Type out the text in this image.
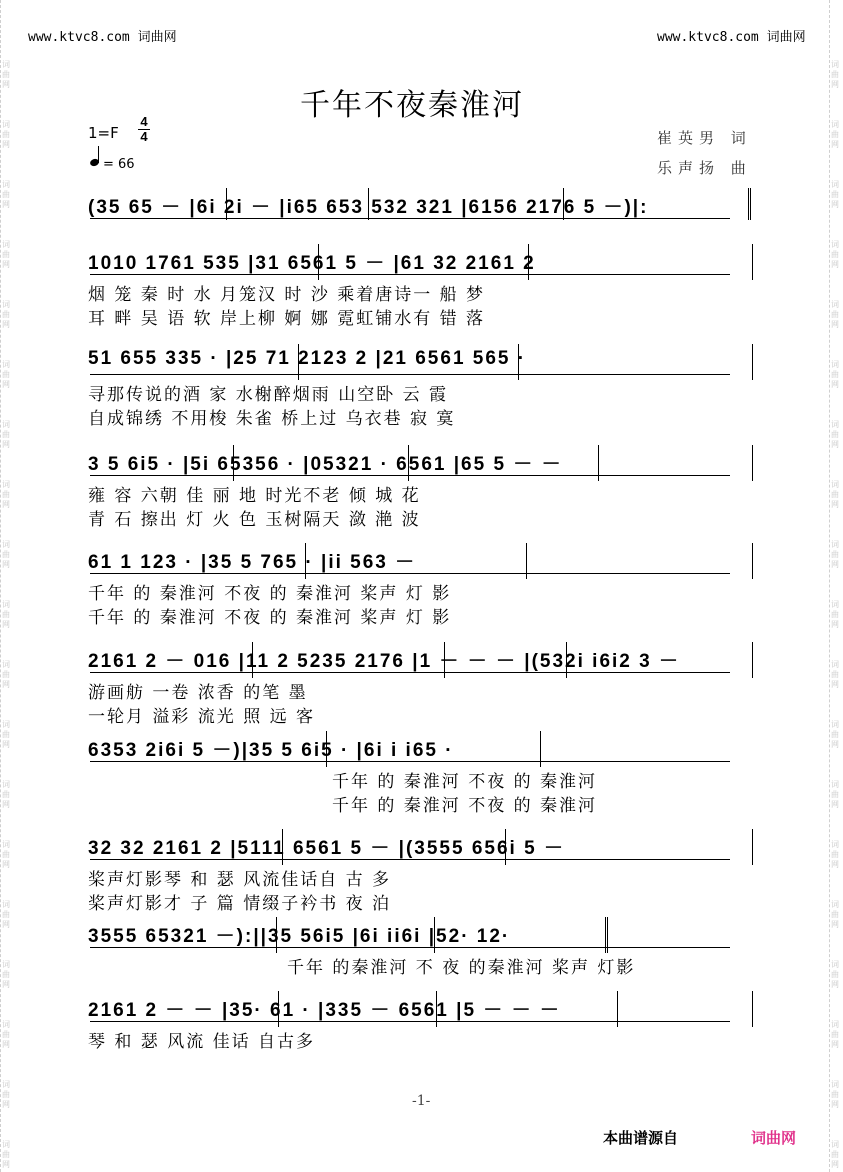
词曲网
词曲网
词曲网
词曲网
词曲网
词曲网
词曲网
词曲网
词曲网
词曲网
词曲网
词曲网
词曲网
词曲网
词曲网
词曲网
词曲网
词曲网
词曲网
词曲网
词曲网
词曲网
词曲网
词曲网
词曲网
词曲网
词曲网
词曲网
词曲网
词曲网
词曲网
词曲网
词曲网
词曲网
词曲网
词曲网
词曲网
词曲网
www.ktvc8.com 词曲网	www.ktvc8.com 词曲网
千年不夜秦淮河
1=F
4
4
= 66
崔英男 词
乐声扬 曲
(35 65 － |6i 2i － |i65 653 532 321 |6156 2176 5 －)|:
1010 1761 535 |31 6561 5 － |61 32 2161 2
烟 笼 秦 时 水 月笼汉 时 沙 乘着唐诗一 船 梦
耳 畔 吴 语 软 岸上柳 婀 娜 霓虹铺水有 错 落
51 655 335 · |25 71 2123 2 |21 6561 565 ·
寻那传说的酒 家 水榭醉烟雨 山空卧 云 霞
自成锦绣 不用梭 朱雀 桥上过 乌衣巷 寂 寞
3 5 6i5 · |5i 65356 · |05321 · 6561 |65 5 － －
雍 容 六朝 佳 丽 地 时光不老 倾 城 花
青 石 擦出 灯 火 色 玉树隔天 潋 滟 波
61 1 123 · |35 5 765 · |ii 563 －
千年 的 秦淮河 不夜 的 秦淮河 桨声 灯 影
千年 的 秦淮河 不夜 的 秦淮河 桨声 灯 影
2161 2 － 016 |11 2 5235 2176 |1 － － － |(532i i6i2 3 －
游画舫 一卷 浓香 的笔 墨
一轮月 溢彩 流光 照 远 客
6353 2i6i 5 －)|35 5 6i5 · |6i i i65 ·
千年 的 秦淮河 不夜 的 秦淮河
千年 的 秦淮河 不夜 的 秦淮河
32 32 2161 2 |5111 6561 5 － |(3555 656i 5 －
桨声灯影琴 和 瑟 风流佳话自 古 多
桨声灯影才 子 篇 情缀子衿书 夜 泊
3555 65321 －):||35 56i5 |6i ii6i |52· 12·
千年 的秦淮河 不 夜 的秦淮河 桨声 灯影
2161 2 － － |35· 61 · |335 － 6561 |5 － － －
琴 和 瑟 风流 佳话 自古多
-1-
本曲谱源自	词曲网
